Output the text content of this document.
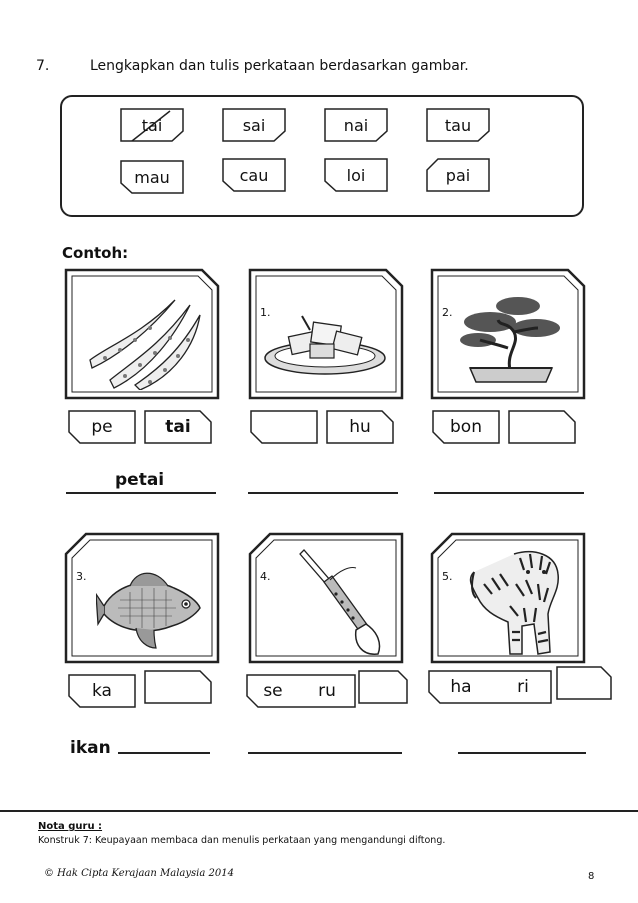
7.	Lengkapkan dan tulis perkataan berdasarkan gambar.
tai	sai	nai	tau
mau	cau	loi	pai
Contoh:
1.	2.
pe	tai	hu	bon
petai
3.	4.	5.
ka	se	ru	ha	ri
ikan
Nota guru :
Konstruk 7: Keupayaan membaca dan menulis perkataan yang mengandungi diftong.
© Hak Cipta Kerajaan Malaysia 2014	8
